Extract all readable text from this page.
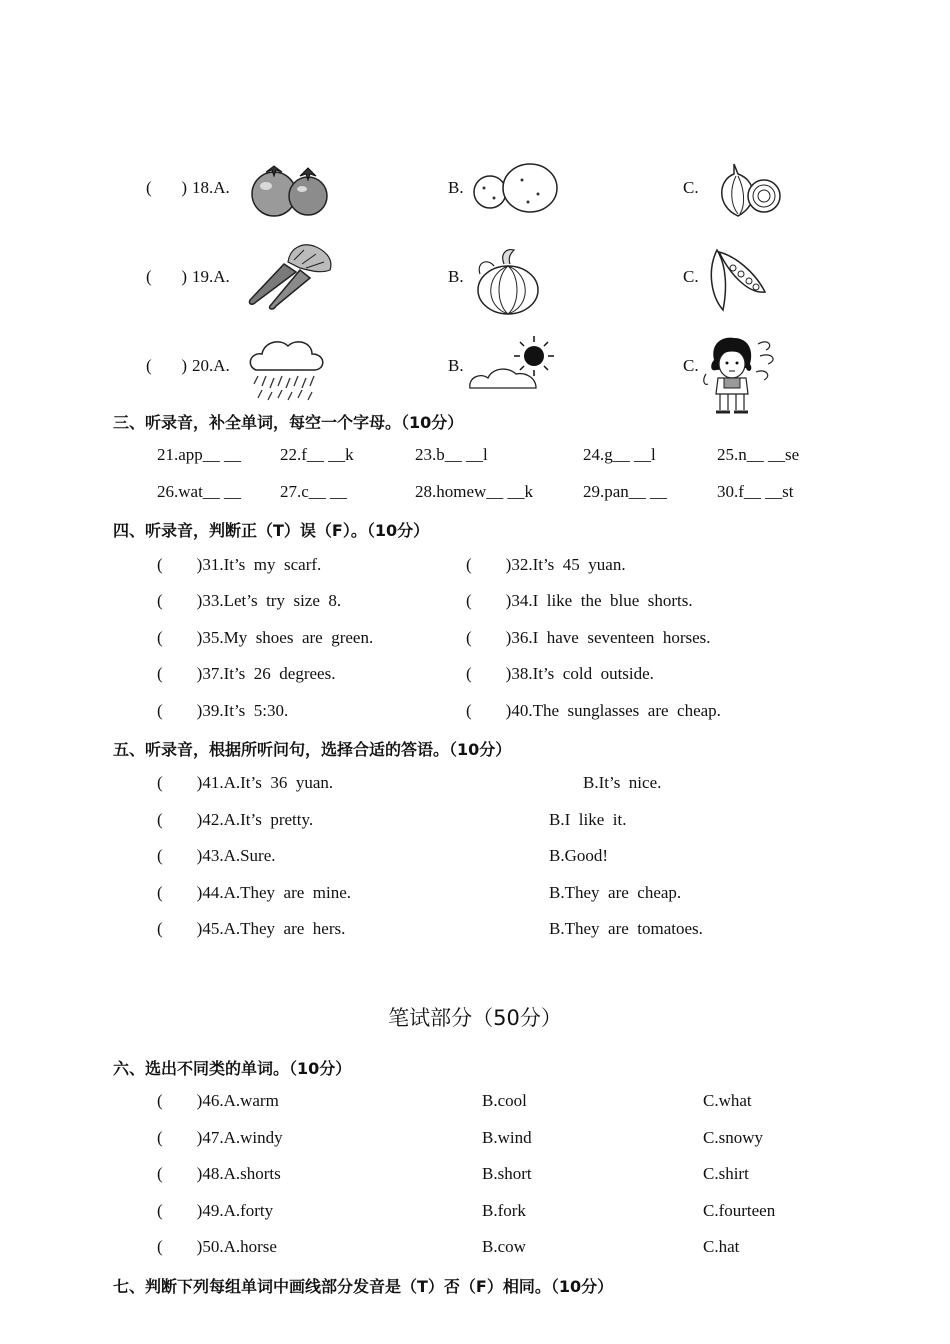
(       ) 18.A.	B.	C.
(       ) 19.A.	B.	C.
(       ) 20.A.	B.	C.
三、听录音，补全单词，每空一个字母。（10分）
21.app__ __ 22.f__ __k	23.b__ __l	24.g__ __l	25.n__ __se
26.wat__ __ 27.c__ __	28.homew__ __k	29.pan__ __	30.f__ __st
四、听录音，判断正（T）误（F）。（10分）
(        )31.It’s  my  scarf.	(        )32.It’s  45  yuan.
(        )33.Let’s  try  size  8.	(        )34.I  like  the  blue  shorts.
(        )35.My  shoes  are  green.	(        )36.I  have  seventeen  horses.
(        )37.It’s  26  degrees.	(        )38.It’s  cold  outside.
(        )39.It’s  5:30.	(        )40.The  sunglasses  are  cheap.
五、听录音，根据所听问句，选择合适的答语。（10分）
(        )41.A.It’s  36  yuan.	B.It’s  nice.
(        )42.A.It’s  pretty.	B.I  like  it.
(        )43.A.Sure.	B.Good!
(        )44.A.They  are  mine.	B.They  are  cheap.
(        )45.A.They  are  hers.	B.They  are  tomatoes.
笔试部分（50分）
六、选出不同类的单词。（10分）
(        )46.A.warm	B.cool	C.what
(        )47.A.windy	B.wind	C.snowy
(        )48.A.shorts	B.short	C.shirt
(        )49.A.forty	B.fork	C.fourteen
(        )50.A.horse	B.cow	C.hat
七、判断下列每组单词中画线部分发音是（T）否（F）相同。（10分）
